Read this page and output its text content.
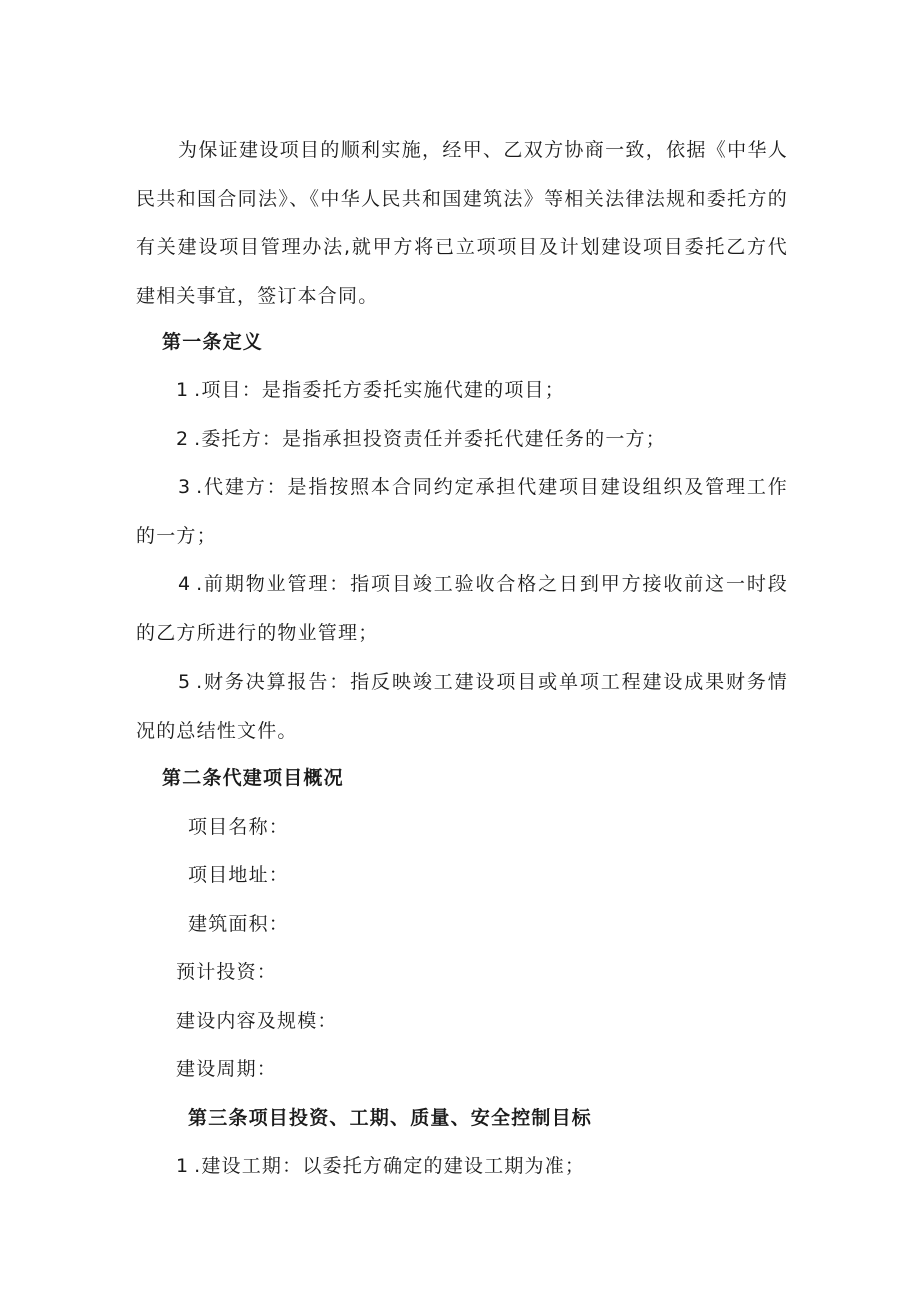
为保证建设项目的顺利实施，经甲、乙双方协商一致，依据《中华人民共和国合同法》、《中华人民共和国建筑法》等相关法律法规和委托方的有关建设项目管理办法,就甲方将已立项项目及计划建设项目委托乙方代建相关事宜，签订本合同。

第一条定义

1 .项目：是指委托方委托实施代建的项目；

2 .委托方：是指承担投资责任并委托代建任务的一方；

3 .代建方：是指按照本合同约定承担代建项目建设组织及管理工作的一方；

4 .前期物业管理：指项目竣工验收合格之日到甲方接收前这一时段的乙方所进行的物业管理；

5 .财务决算报告：指反映竣工建设项目或单项工程建设成果财务情况的总结性文件。

第二条代建项目概况

项目名称：

项目地址：

建筑面积：

预计投资：

建设内容及规模：

建设周期：

第三条项目投资、工期、质量、安全控制目标

1 .建设工期：以委托方确定的建设工期为准；
